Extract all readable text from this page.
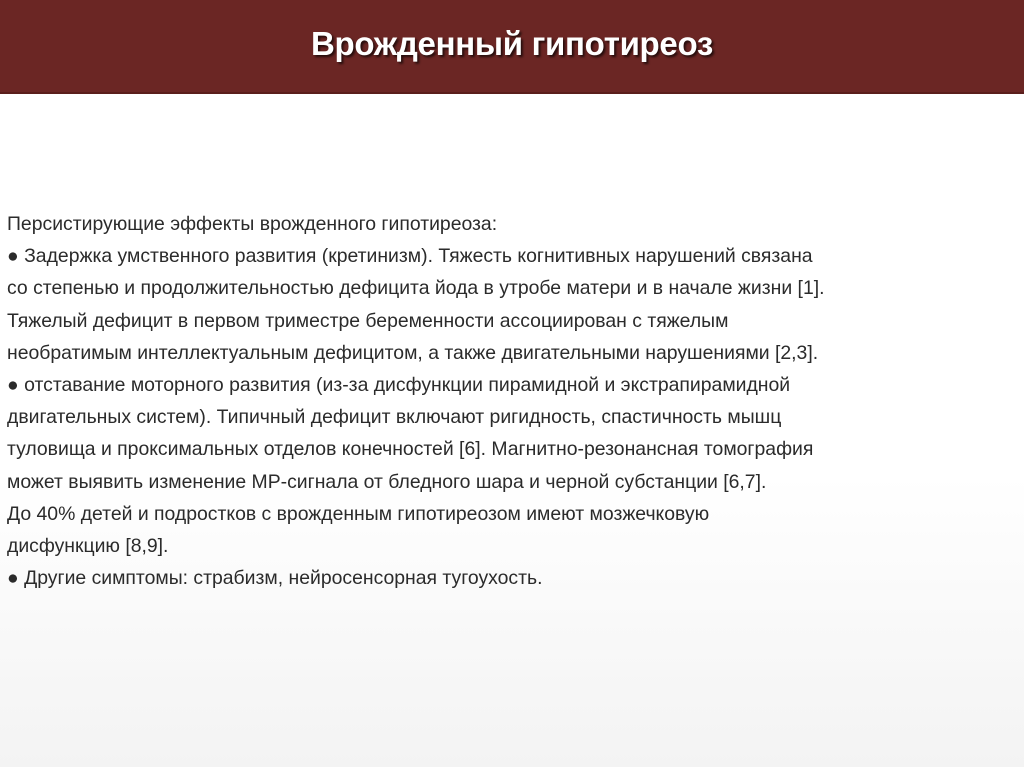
Врожденный гипотиреоз
Персистирующие эффекты врожденного гипотиреоза:
● Задержка умственного развития (кретинизм). Тяжесть когнитивных нарушений связана
со степенью и продолжительностью дефицита йода в утробе матери и в начале жизни [1].
Тяжелый дефицит в первом триместре беременности ассоциирован с тяжелым
необратимым интеллектуальным дефицитом, а также двигательными нарушениями [2,3].
● отставание моторного развития (из-за дисфункции пирамидной и экстрапирамидной
двигательных систем). Типичный дефицит включают ригидность, спастичность мышц
туловища и проксимальных отделов конечностей [6]. Магнитно-резонансная томография
может выявить изменение МР-сигнала от бледного шара и черной субстанции [6,7].
До 40% детей и подростков с врожденным гипотиреозом имеют мозжечковую
дисфункцию [8,9].
● Другие симптомы: страбизм, нейросенсорная тугоухость.
